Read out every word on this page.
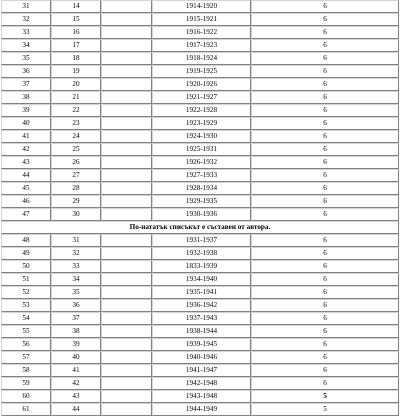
31	14		1914-1920	6
32	15		1915-1921	6
33	16		1916-1922	6
34	17		1917-1923	6
35	18		1918-1924	6
36	19		1919-1925	6
37	20		1920-1926	6
38	21		1921-1927	6
39	22		1922-1928	6
40	23		1923-1929	6
41	24		1924-1930	6
42	25		1925-1931	6
43	26		1926-1932	6
44	27		1927-1933	6
45	28		1928-1934	6
46	29		1929-1935	6
47	30		1930-1936	6
По-нататък списъкът е съставен от автора.				
48	31		1931-1937	6
49	32		1932-1938	6
50	33		1833-1939	6
51	34		1934-1940	6
52	35		1935-1941	6
53	36		1936-1942	6
54	37		1937-1943	6
55	38		1938-1944	6
56	39		1939-1945	6
57	40		1940-1946	6
58	41		1941-1947	6
59	42		1942-1948	6
60	43		1943-1948	5
61	44		1944-1949	5
